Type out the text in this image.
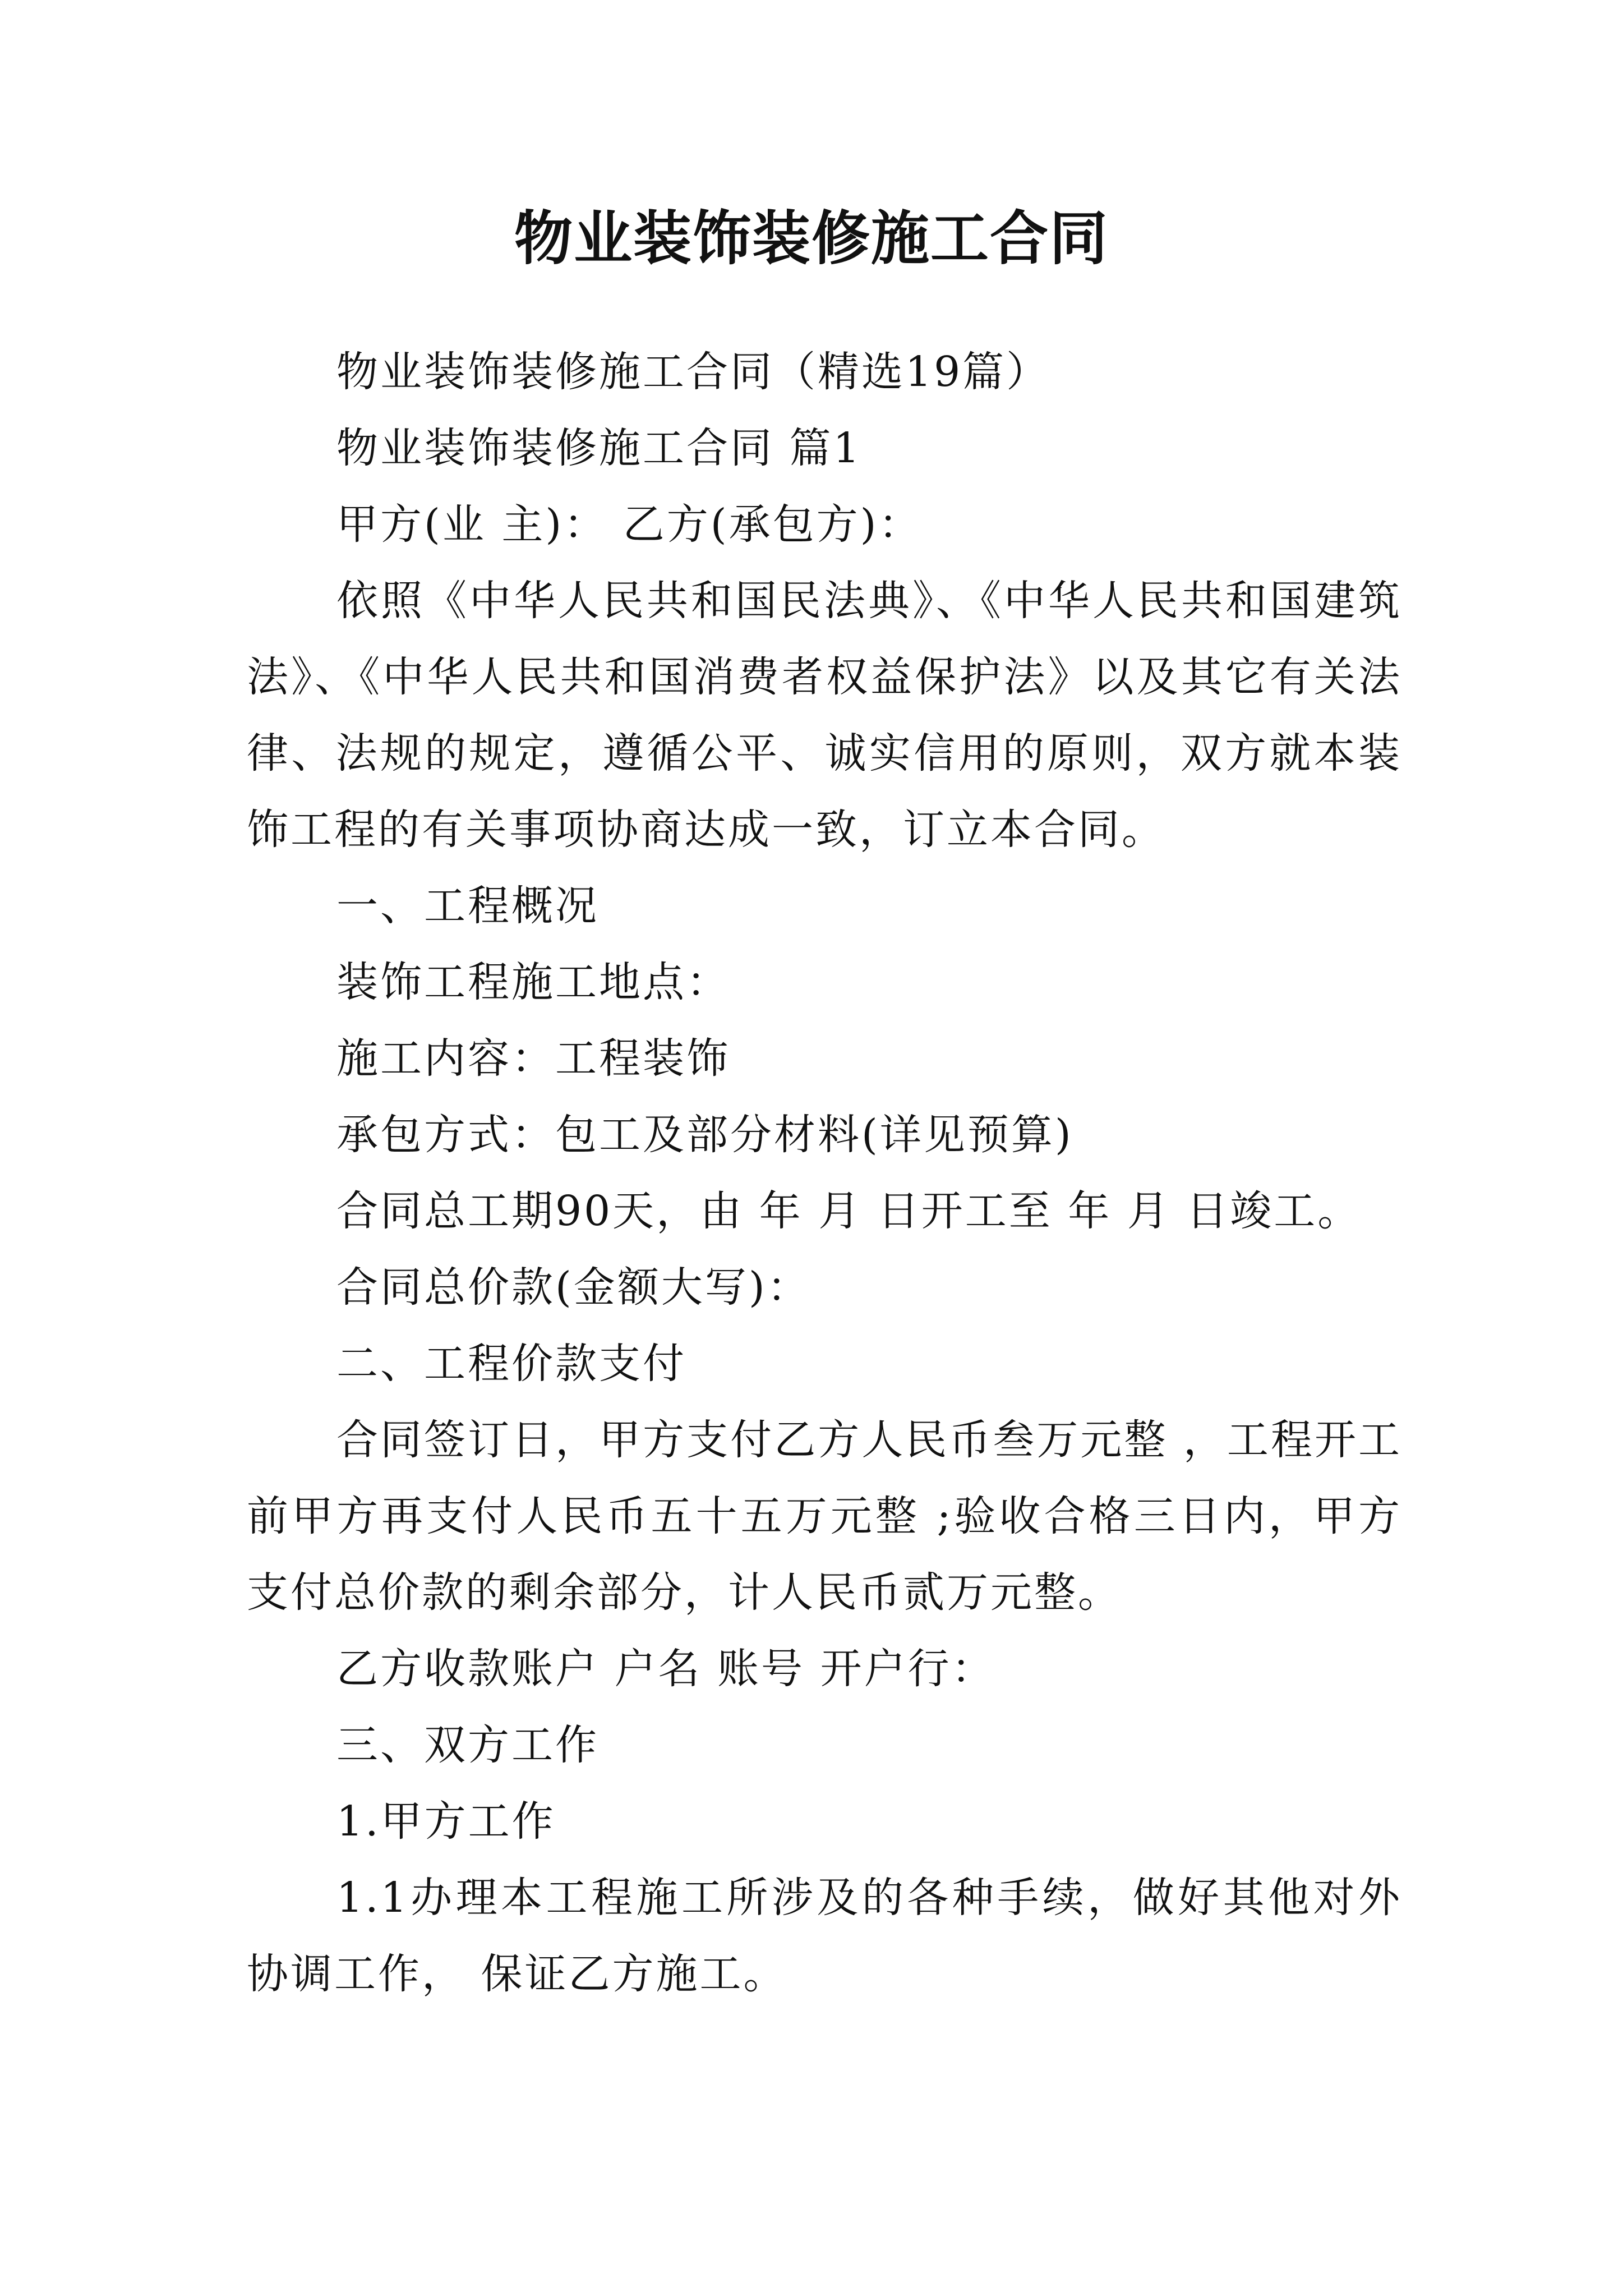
物业装饰装修施工合同

物业装饰装修施工合同（精选19篇）

物业装饰装修施工合同 篇1

甲方(业 主)： 乙方(承包方)：

依照《中华人民共和国民法典》、《中华人民共和国建筑法》、《中华人民共和国消费者权益保护法》以及其它有关法律、法规的规定，遵循公平、诚实信用的原则，双方就本装饰工程的有关事项协商达成一致，订立本合同。

一、工程概况

装饰工程施工地点：

施工内容：工程装饰

承包方式：包工及部分材料(详见预算)

合同总工期90天，由 年 月 日开工至 年 月 日竣工。

合同总价款(金额大写)：

二、工程价款支付

合同签订日，甲方支付乙方人民币叁万元整 ，工程开工前甲方再支付人民币五十五万元整 ;验收合格三日内，甲方支付总价款的剩余部分，计人民币贰万元整。

乙方收款账户 户名 账号 开户行：

三、双方工作

1.甲方工作

1.1办理本工程施工所涉及的各种手续，做好其他对外协调工作， 保证乙方施工。
